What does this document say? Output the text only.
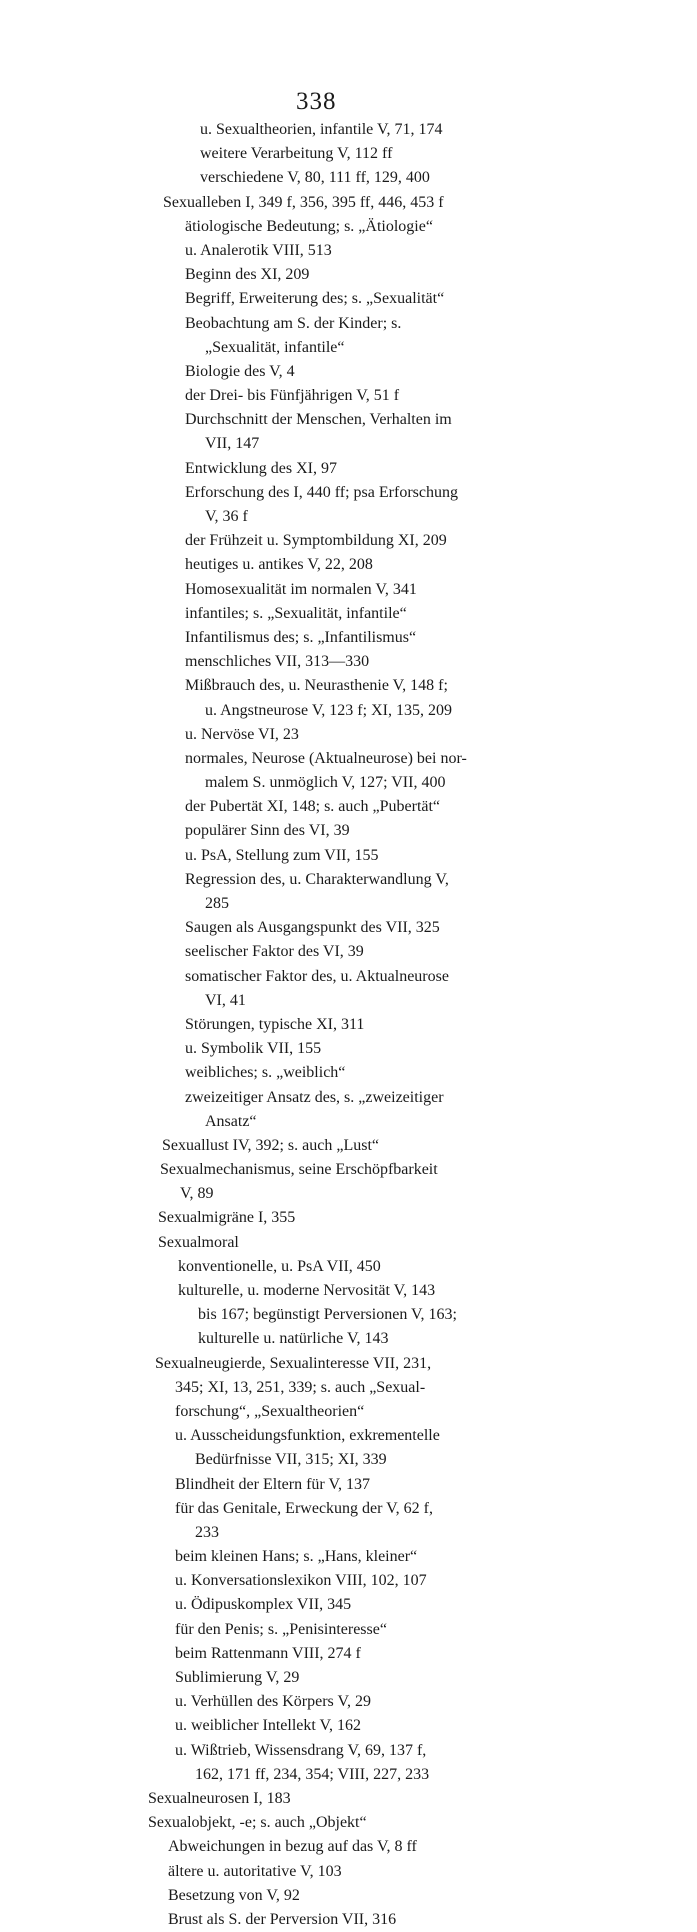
338
u. Sexualtheorien, infantile V, 71, 174
weitere Verarbeitung V, 112 ff
verschiedene V, 80, 111 ff, 129, 400
Sexualleben I, 349 f, 356, 395 ff, 446, 453 f
ätiologische Bedeutung; s. „Ätiologie“
u. Analerotik VIII, 513
Beginn des XI, 209
Begriff, Erweiterung des; s. „Sexualität“
Beobachtung am S. der Kinder; s.
„Sexualität, infantile“
Biologie des V, 4
der Drei- bis Fünfjährigen V, 51 f
Durchschnitt der Menschen, Verhalten im
VII, 147
Entwicklung des XI, 97
Erforschung des I, 440 ff; psa Erforschung
V, 36 f
der Frühzeit u. Symptombildung XI, 209
heutiges u. antikes V, 22, 208
Homosexualität im normalen V, 341
infantiles; s. „Sexualität, infantile“
Infantilismus des; s. „Infantilismus“
menschliches VII, 313—330
Mißbrauch des, u. Neurasthenie V, 148 f;
u. Angstneurose V, 123 f; XI, 135, 209
u. Nervöse VI, 23
normales, Neurose (Aktualneurose) bei nor-
malem S. unmöglich V, 127; VII, 400
der Pubertät XI, 148; s. auch „Pubertät“
populärer Sinn des VI, 39
u. PsA, Stellung zum VII, 155
Regression des, u. Charakterwandlung V,
285
Saugen als Ausgangspunkt des VII, 325
seelischer Faktor des VI, 39
somatischer Faktor des, u. Aktualneurose
VI, 41
Störungen, typische XI, 311
u. Symbolik VII, 155
weibliches; s. „weiblich“
zweizeitiger Ansatz des, s. „zweizeitiger
Ansatz“
Sexuallust IV, 392; s. auch „Lust“
Sexualmechanismus, seine Erschöpfbarkeit
V, 89
Sexualmigräne I, 355
Sexualmoral
konventionelle, u. PsA VII, 450
kulturelle, u. moderne Nervosität V, 143
bis 167; begünstigt Perversionen V, 163;
kulturelle u. natürliche V, 143
Sexualneugierde, Sexualinteresse VII, 231,
345; XI, 13, 251, 339; s. auch „Sexual-
forschung“, „Sexualtheorien“
u. Ausscheidungsfunktion, exkrementelle
Bedürfnisse VII, 315; XI, 339
Blindheit der Eltern für V, 137
für das Genitale, Erweckung der V, 62 f,
233
beim kleinen Hans; s. „Hans, kleiner“
u. Konversationslexikon VIII, 102, 107
u. Ödipuskomplex VII, 345
für den Penis; s. „Penisinteresse“
beim Rattenmann VIII, 274 f
Sublimierung V, 29
u. Verhüllen des Körpers V, 29
u. weiblicher Intellekt V, 162
u. Wißtrieb, Wissensdrang V, 69, 137 f,
162, 171 ff, 234, 354; VIII, 227, 233
Sexualneurosen I, 183
Sexualobjekt, -e; s. auch „Objekt“
Abweichungen in bezug auf das V, 8 ff
ältere u. autoritative V, 103
Besetzung von V, 92
Brust als S. der Perversion VII, 316
